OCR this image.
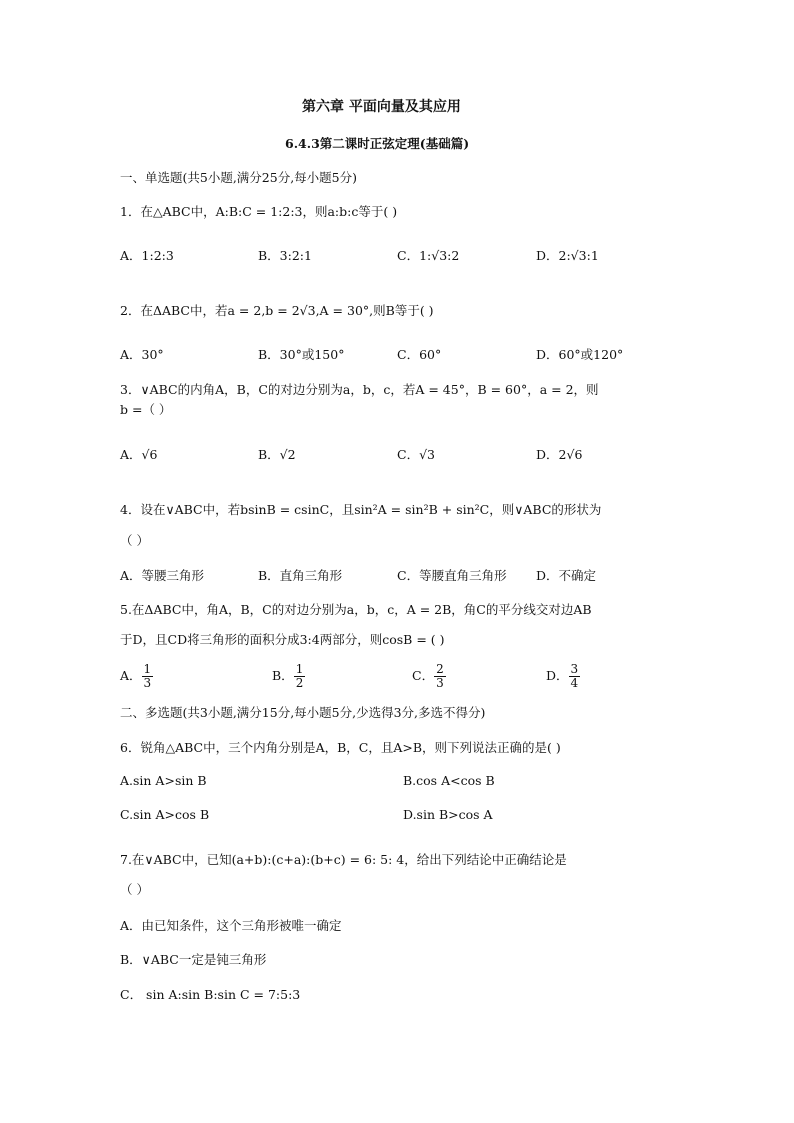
第六章 平面向量及其应用
6.4.3第二课时正弦定理(基础篇)
一、单选题(共5小题,满分25分,每小题5分)
1．在△ABC中，A:B:C = 1:2:3，则a:b:c等于( )
A．1:2:3	B．3:2:1	C．1:√3:2	D．2:√3:1
2．在ΔABC中，若a = 2,b = 2√3,A = 30°,则B等于( )
A．30°	B．30°或150°	C．60°	D．60°或120°
3．∨ABC的内角A，B，C的对边分别为a，b，c，若A = 45°，B = 60°，a = 2，则
b =（ ）
A．√6	B．√2	C．√3	D．2√6
4．设在∨ABC中，若bsinB = csinC，且sin²A = sin²B + sin²C，则∨ABC的形状为
（ ）
A．等腰三角形	B．直角三角形	C．等腰直角三角形 D．不确定
5.在ΔABC中，角A，B，C的对边分别为a，b，c，A = 2B，角C的平分线交对边AB
于D，且CD将三角形的面积分成3:4两部分，则cosB = ( )
A． $\frac{1}{3}$	B． $\frac{1}{2}$	C． $\frac{2}{3}$	D． $\frac{3}{4}$
二、多选题(共3小题,满分15分,每小题5分,少选得3分,多选不得分)
6．锐角△ABC中，三个内角分别是A，B，C，且A>B，则下列说法正确的是( )
A.sin A>sin B	B.cos A<cos B
C.sin A>cos B	D.sin B>cos A
7.在∨ABC中，已知(a+b):(c+a):(b+c) = 6: 5: 4，给出下列结论中正确结论是
（ ）
A．由已知条件，这个三角形被唯一确定
B．∨ABC一定是钝三角形
C． sin A:sin B:sin C = 7:5:3
